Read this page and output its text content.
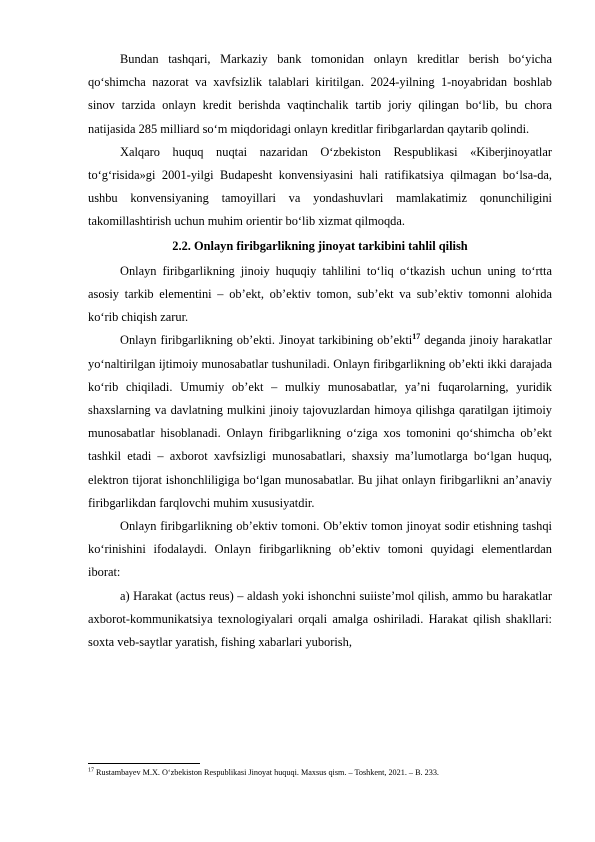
Bundan tashqari, Markaziy bank tomonidan onlayn kreditlar berish bo‘yicha qo‘shimcha nazorat va xavfsizlik talablari kiritilgan. 2024-yilning 1-noyabridan boshlab sinov tarzida onlayn kredit berishda vaqtinchalik tartib joriy qilingan bo‘lib, bu chora natijasida 285 milliard so‘m miqdoridagi onlayn kreditlar firibgarlardan qaytarib qolindi.

Xalqaro huquq nuqtai nazaridan O‘zbekiston Respublikasi «Kiberjinoyatlar to‘g‘risida»gi 2001-yilgi Budapesht konvensiyasini hali ratifikatsiya qilmagan bo‘lsa-da, ushbu konvensiyaning tamoyillari va yondashuvlari mamlakatimiz qonunchiligini takomillashtirish uchun muhim orientir bo‘lib xizmat qilmoqda.

2.2. Onlayn firibgarlikning jinoyat tarkibini tahlil qilish

Onlayn firibgarlikning jinoiy huquqiy tahlilini to‘liq o‘tkazish uchun uning to‘rtta asosiy tarkib elementini – ob’ekt, ob’ektiv tomon, sub’ekt va sub’ektiv tomonni alohida ko‘rib chiqish zarur.

Onlayn firibgarlikning ob’ekti. Jinoyat tarkibining ob’ekti$^{17}$ deganda jinoiy harakatlar yo‘naltirilgan ijtimoiy munosabatlar tushuniladi. Onlayn firibgarlikning ob’ekti ikki darajada ko‘rib chiqiladi. Umumiy ob’ekt – mulkiy munosabatlar, ya’ni fuqarolarning, yuridik shaxslarning va davlatning mulkini jinoiy tajovuzlardan himoya qilishga qaratilgan ijtimoiy munosabatlar hisoblanadi. Onlayn firibgarlikning o‘ziga xos tomonini qo‘shimcha ob’ekt tashkil etadi – axborot xavfsizligi munosabatlari, shaxsiy ma’lumotlarga bo‘lgan huquq, elektron tijorat ishonchliligiga bo‘lgan munosabatlar. Bu jihat onlayn firibgarlikni an’anaviy firibgarlikdan farqlovchi muhim xususiyatdir.

Onlayn firibgarlikning ob’ektiv tomoni. Ob’ektiv tomon jinoyat sodir etishning tashqi ko‘rinishini ifodalaydi. Onlayn firibgarlikning ob’ektiv tomoni quyidagi elementlardan iborat:

a) Harakat (actus reus) – aldash yoki ishonchni suiiste’mol qilish, ammo bu harakatlar axborot-kommunikatsiya texnologiyalari orqali amalga oshiriladi. Harakat qilish shakllari: soxta veb-saytlar yaratish, fishing xabarlari yuborish,

$^{17}$ Rustambayev M.X. O‘zbekiston Respublikasi Jinoyat huquqi. Maxsus qism. – Toshkent, 2021. – B. 233.
